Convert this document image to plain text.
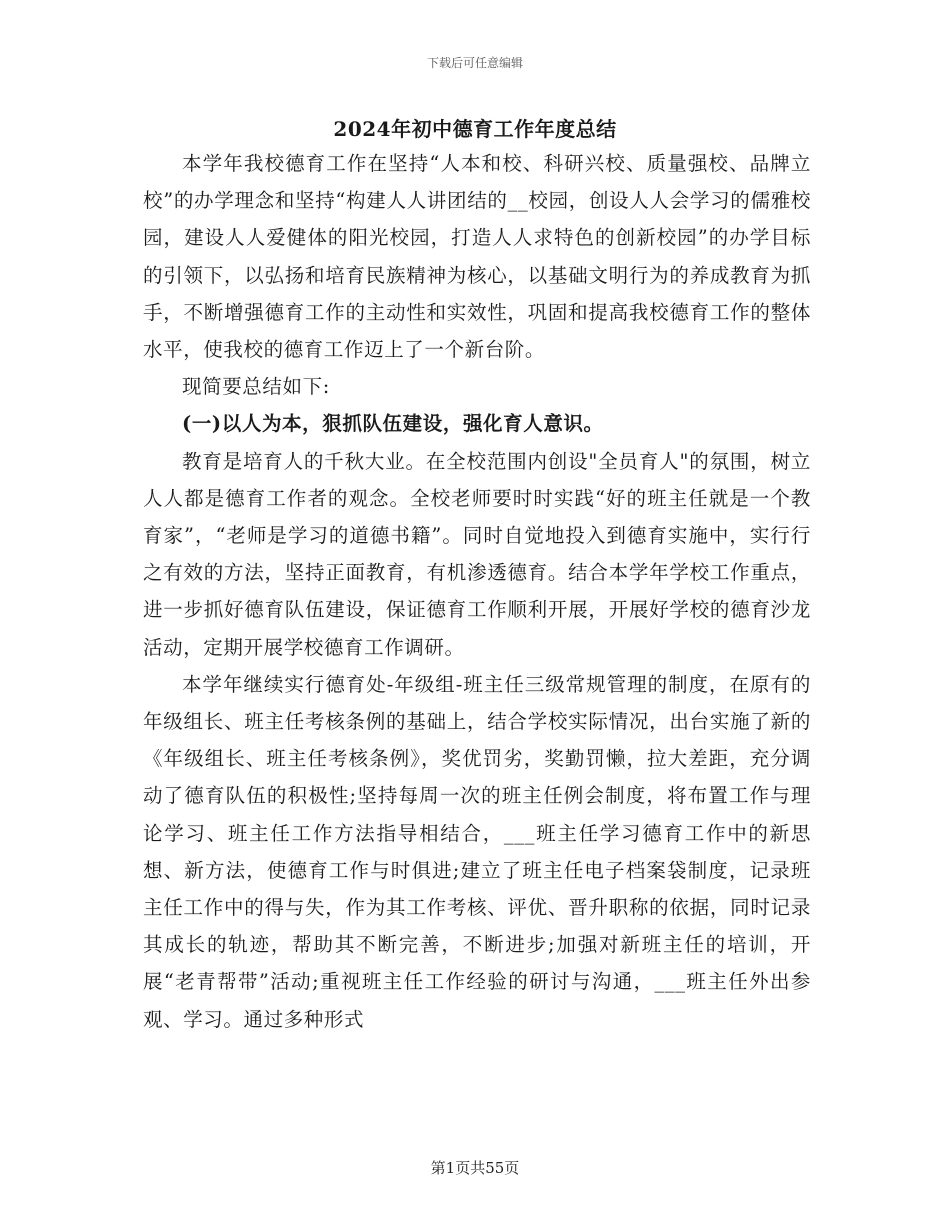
下载后可任意编辑
2024年初中德育工作年度总结

本学年我校德育工作在坚持“人本和校、科研兴校、质量强校、品牌立校”的办学理念和坚持“构建人人讲团结的__校园，创设人人会学习的儒雅校园，建设人人爱健体的阳光校园，打造人人求特色的创新校园”的办学目标的引领下，以弘扬和培育民族精神为核心，以基础文明行为的养成教育为抓手，不断增强德育工作的主动性和实效性，巩固和提高我校德育工作的整体水平，使我校的德育工作迈上了一个新台阶。

现简要总结如下:

(一)以人为本，狠抓队伍建设，强化育人意识。

教育是培育人的千秋大业。在全校范围内创设"全员育人"的氛围，树立人人都是德育工作者的观念。全校老师要时时实践“好的班主任就是一个教育家”，“老师是学习的道德书籍”。同时自觉地投入到德育实施中，实行行之有效的方法，坚持正面教育，有机渗透德育。结合本学年学校工作重点，进一步抓好德育队伍建设，保证德育工作顺利开展，开展好学校的德育沙龙活动，定期开展学校德育工作调研。

本学年继续实行德育处-年级组-班主任三级常规管理的制度，在原有的年级组长、班主任考核条例的基础上，结合学校实际情况，出台实施了新的《年级组长、班主任考核条例》，奖优罚劣，奖勤罚懒，拉大差距，充分调动了德育队伍的积极性;坚持每周一次的班主任例会制度，将布置工作与理论学习、班主任工作方法指导相结合，___班主任学习德育工作中的新思想、新方法，使德育工作与时俱进;建立了班主任电子档案袋制度，记录班主任工作中的得与失，作为其工作考核、评优、晋升职称的依据，同时记录其成长的轨迹，帮助其不断完善，不断进步;加强对新班主任的培训，开展“老青帮带”活动;重视班主任工作经验的研讨与沟通，___班主任外出参观、学习。通过多种形式

第1页共55页
